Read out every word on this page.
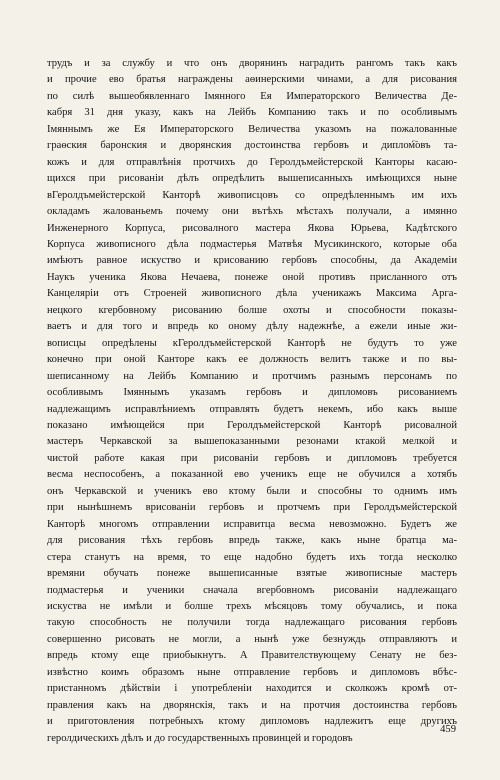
трудъ и за службу и что онъ дворянинъ наградить рангомъ такъ какъ
и прочие ево братья награждены аѳинерскими чинами, а для рисования
по силѣ вышеобявленнаго Імянного Ея Императорского Величества Де-
кабря 31 дня указу, какъ на Лейбъ Компанию такъ и по особливымъ
Імяннымъ же Ея Императорского Величества указомъ на пожалованные
граѳския баронския и дворянския достоинства гербовъ и диплом҇овъ та-
кожъ и для отправлѣнія протчихъ до Геролдъмейстерской Канторы касаю-
щихся при рисованіи дѣлъ опредѣлить вышеписанныхъ имѣющихся ныне
вГеролдъмейстерской Канторѣ живописцовъ со опредѣленнымъ им ихъ
окладамъ жалованьемъ почему они вътѣхъ мѣстахъ получали, а имянно
Инженерного Корпуса, рисовалного мастера Якова Юрьева, Кадѣтского
Корпуса живописного дѣла подмастерья Матвѣя Мусикинского, которые оба
имѣютъ равное искуство и крисованию гербовъ способны, да Академіи
Наукъ ученика Якова Нечаева, понеже оной противъ присланного отъ
Канцеляріи отъ Строеней живописного дѣла ученикажъ Максима Арга-
нецкого кгербовному рисованию болше охоты и способности показы-
ваетъ и для того и впредь ко оному дѣлу надежнѣе, а ежели иные жи-
вописцы опредѣлены кГеролдъмейстерской Канторѣ не будутъ то уже
конечно при оной Канторе какъ ее должность велитъ также и по вы-
шеписанному на Лейбъ Компанию и протчимъ разнымъ персонамъ по
особливымъ Імяннымъ указамъ гербовъ и дипломовъ рисованиемъ
надлежащимъ исправлѣниемъ отправлять будетъ некемъ, ибо какъ выше
показано имѣющейся при Геролдъмейстерской Канторѣ рисовалной
мастеръ Черкавской за вышепоказанными резонами ктакой мелкой и
чистой работе какая при рисованіи гербовъ и дипломовъ требуется
весма неспособенъ, а показанной ево ученикъ еще не обучился а хотябъ
онъ Черкавской и ученикъ ево ктому были и способны то однимъ имъ
при нынѣшнемъ врисованіи гербовъ и протчемъ при Геролдъмейстерской
Канторѣ многомъ отправлении исправитца весма невозможно. Будетъ же
для рисования тѣхъ гербовъ впредь также, какъ ныне братца ма-
стера станутъ на время, то еще надобно будетъ ихъ тогда несколко
времяни обучать понеже вышеписанные взятые живописные мастеръ
подмастерья и ученики сначала вгербовномъ рисованіи надлежащаго
искуства не имѣли и болше трехъ мѣсяцовъ тому обучались, и пока
такую способность не получили тогда надлежащаго рисования гербовъ
совершенно рисовать не могли, а нынѣ уже безнуждь отправляютъ и
впредь ктому еще приобыкнутъ. А Правителствующему Сенату не без-
извѣстно коимъ образомъ ныне отправление гербовъ и дипломовъ вбѣс-
пристанномъ дѣйствіи і употребленіи находится и сколкожъ кромѣ от-
правления какъ на дворянскія, такъ и на протчия достоинства гербовъ
и приготовления потребныхъ ктому дипломовъ надлежитъ еще другихъ
геролдическихъ дѣлъ и до государственныхъ провинцей и городовъ
459
